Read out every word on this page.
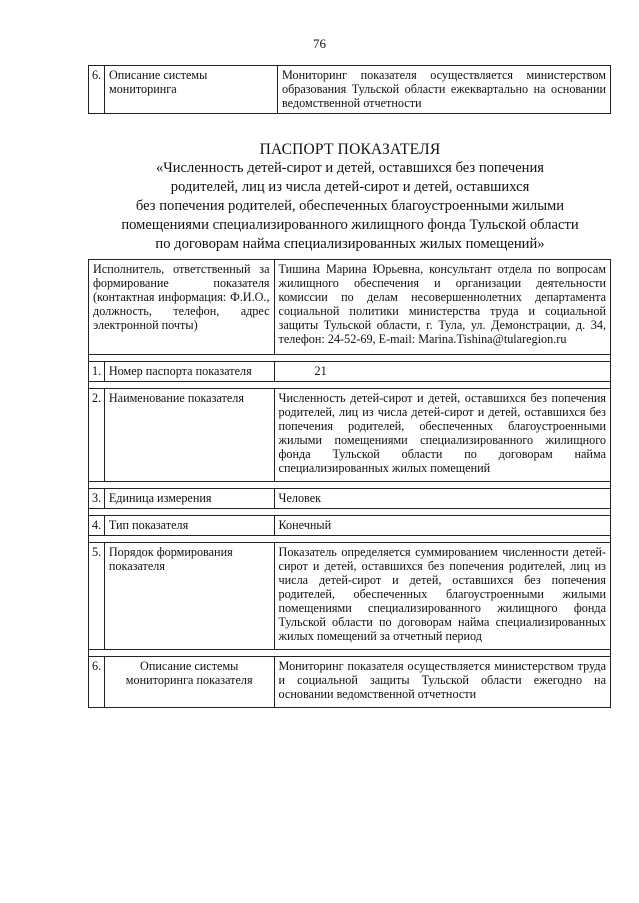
76
6.	Описание системы мониторинга	Мониторинг показателя осуществляется министерством образования Тульской области ежеквартально на основании ведомственной отчетности
ПАСПОРТ ПОКАЗАТЕЛЯ
«Численность детей-сирот и детей, оставшихся без попечения
родителей, лиц из числа детей-сирот и детей, оставшихся
без попечения родителей, обеспеченных благоустроенными жилыми
помещениями специализированного жилищного фонда Тульской области
по договорам найма специализированных жилых помещений»
Исполнитель, ответственный за формирование показателя (контактная информация: Ф.И.О., должность, телефон, адрес электронной почты)		Тишина Марина Юрьевна, консультант отдела по вопросам жилищного обеспечения и организации деятельности комиссии по делам несовершеннолетних департамента социальной политики министерства труда и социальной защиты Тульской области, г. Тула, ул. Демонстрации, д. 34, телефон: 24-52-69, E-mail: Marina.Tishina@tularegion.ru

1.	Номер паспорта показателя	21

2.	Наименование показателя	Численность детей-сирот и детей, оставшихся без попечения родителей, лиц из числа детей-сирот и детей, оставшихся без попечения родителей, обеспеченных благоустроенными жилыми помещениями специализированного жилищного фонда Тульской области по договорам найма специализированных жилых помещений

3.	Единица измерения	Человек

4.	Тип показателя	Конечный

5.	Порядок формирования показателя	Показатель определяется суммированием численности детей-сирот и детей, оставшихся без попечения родителей, лиц из числа детей-сирот и детей, оставшихся без попечения родителей, обеспеченных благоустроенными жилыми помещениями специализированного жилищного фонда Тульской области по договорам найма специализированных жилых помещений за отчетный период

6.	Описание системы мониторинга показателя	Мониторинг показателя осуществляется министерством труда и социальной защиты Тульской области ежегодно на основании ведомственной отчетности
